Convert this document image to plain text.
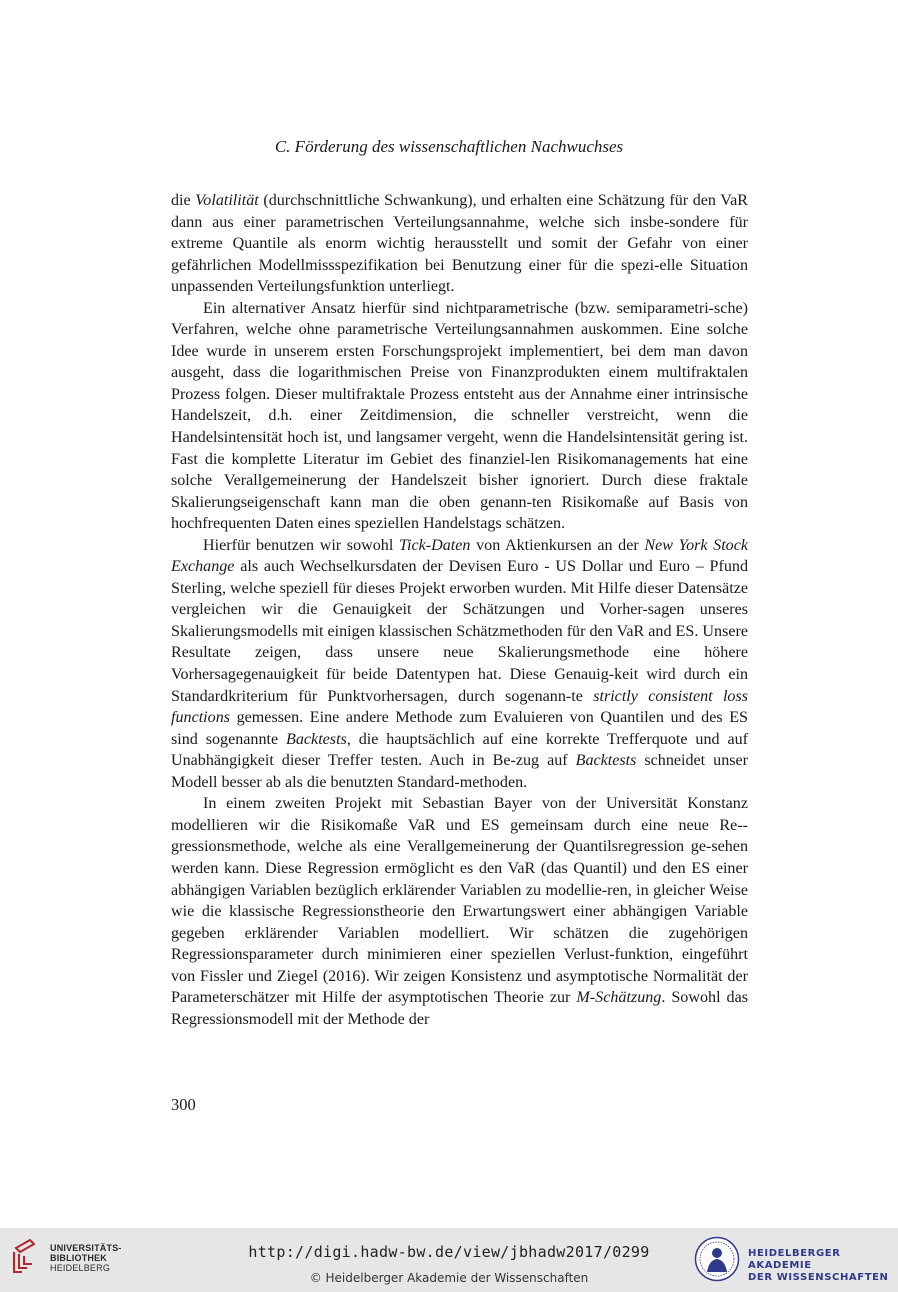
C. Förderung des wissenschaftlichen Nachwuchses

die Volatilität (durchschnittliche Schwankung), und erhalten eine Schätzung für den VaR dann aus einer parametrischen Verteilungsannahme, welche sich insbe-sondere für extreme Quantile als enorm wichtig herausstellt und somit der Gefahr von einer gefährlichen Modellmissspezifikation bei Benutzung einer für die spezi-elle Situation unpassenden Verteilungsfunktion unterliegt.

Ein alternativer Ansatz hierfür sind nichtparametrische (bzw. semiparametri-sche) Verfahren, welche ohne parametrische Verteilungsannahmen auskommen. Eine solche Idee wurde in unserem ersten Forschungsprojekt implementiert, bei dem man davon ausgeht, dass die logarithmischen Preise von Finanzprodukten einem multifraktalen Prozess folgen. Dieser multifraktale Prozess entsteht aus der Annahme einer intrinsische Handelszeit, d.h. einer Zeitdimension, die schneller verstreicht, wenn die Handelsintensität hoch ist, und langsamer vergeht, wenn die Handelsintensität gering ist. Fast die komplette Literatur im Gebiet des finanziel-len Risikomanagements hat eine solche Verallgemeinerung der Handelszeit bisher ignoriert. Durch diese fraktale Skalierungseigenschaft kann man die oben genann-ten Risikomaße auf Basis von hochfrequenten Daten eines speziellen Handelstags schätzen.

Hierfür benutzen wir sowohl Tick-Daten von Aktienkursen an der New York Stock Exchange als auch Wechselkursdaten der Devisen Euro - US Dollar und Euro – Pfund Sterling, welche speziell für dieses Projekt erworben wurden. Mit Hilfe dieser Datensätze vergleichen wir die Genauigkeit der Schätzungen und Vorher-sagen unseres Skalierungsmodells mit einigen klassischen Schätzmethoden für den VaR and ES. Unsere Resultate zeigen, dass unsere neue Skalierungsmethode eine höhere Vorhersagegenauigkeit für beide Datentypen hat. Diese Genauig-keit wird durch ein Standardkriterium für Punktvorhersagen, durch sogenann-te strictly consistent loss functions gemessen. Eine andere Methode zum Evaluieren von Quantilen und des ES sind sogenannte Backtests, die hauptsächlich auf eine korrekte Trefferquote und auf Unabhängigkeit dieser Treffer testen. Auch in Be-zug auf Backtests schneidet unser Modell besser ab als die benutzten Standard-methoden.

In einem zweiten Projekt mit Sebastian Bayer von der Universität Konstanz modellieren wir die Risikomaße VaR und ES gemeinsam durch eine neue Re-gressionsmethode, welche als eine Verallgemeinerung der Quantilsregression ge-sehen werden kann. Diese Regression ermöglicht es den VaR (das Quantil) und den ES einer abhängigen Variablen bezüglich erklärender Variablen zu modellie-ren, in gleicher Weise wie die klassische Regressionstheorie den Erwartungswert einer abhängigen Variable gegeben erklärender Variablen modelliert. Wir schätzen die zugehörigen Regressionsparameter durch minimieren einer speziellen Verlust-funktion, eingeführt von Fissler und Ziegel (2016). Wir zeigen Konsistenz und asymptotische Normalität der Parameterschätzer mit Hilfe der asymptotischen Theorie zur M-Schätzung. Sowohl das Regressionsmodell mit der Methode der

300
UNIVERSITÄTS-
BIBLIOTHEK
HEIDELBERG
http://digi.hadw-bw.de/view/jbhadw2017/0299
© Heidelberger Akademie der Wissenschaften
HEIDELBERGER AKADEMIE
DER WISSENSCHAFTEN
